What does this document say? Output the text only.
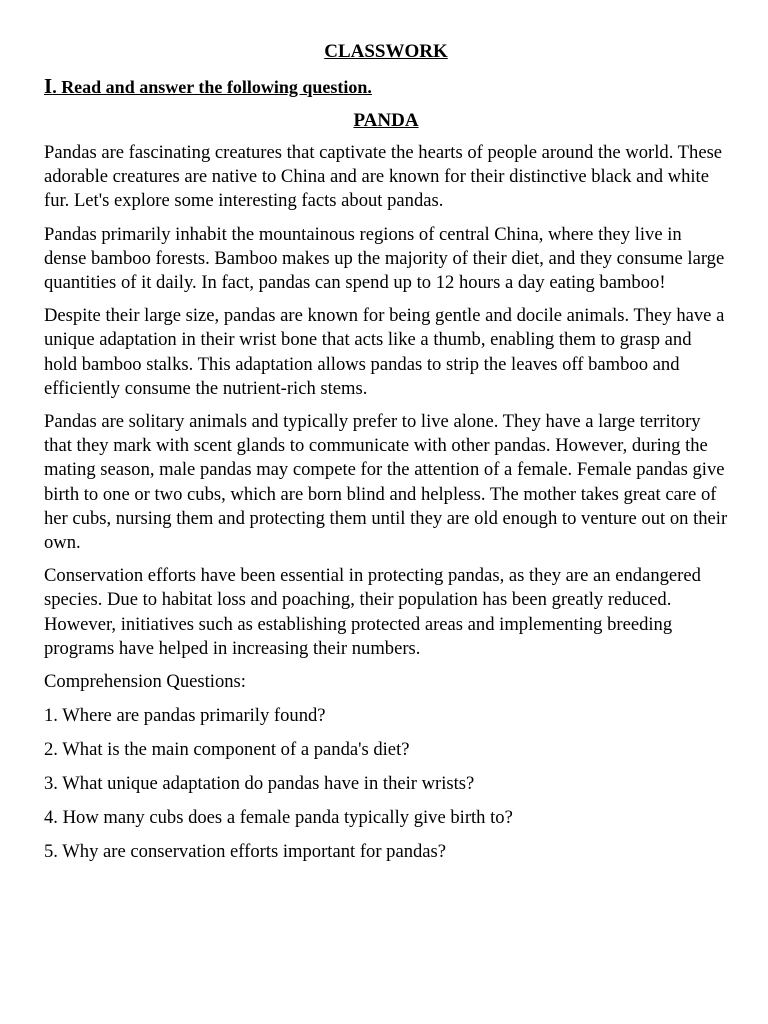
CLASSWORK
I. Read and answer the following question.
PANDA

Pandas are fascinating creatures that captivate the hearts of people around the world. These adorable creatures are native to China and are known for their distinctive black and white fur. Let's explore some interesting facts about pandas.

Pandas primarily inhabit the mountainous regions of central China, where they live in dense bamboo forests. Bamboo makes up the majority of their diet, and they consume large quantities of it daily. In fact, pandas can spend up to 12 hours a day eating bamboo!

Despite their large size, pandas are known for being gentle and docile animals. They have a unique adaptation in their wrist bone that acts like a thumb, enabling them to grasp and hold bamboo stalks. This adaptation allows pandas to strip the leaves off bamboo and efficiently consume the nutrient-rich stems.

Pandas are solitary animals and typically prefer to live alone. They have a large territory that they mark with scent glands to communicate with other pandas. However, during the mating season, male pandas may compete for the attention of a female. Female pandas give birth to one or two cubs, which are born blind and helpless. The mother takes great care of her cubs, nursing them and protecting them until they are old enough to venture out on their own.

Conservation efforts have been essential in protecting pandas, as they are an endangered species. Due to habitat loss and poaching, their population has been greatly reduced. However, initiatives such as establishing protected areas and implementing breeding programs have helped in increasing their numbers.

Comprehension Questions:
1. Where are pandas primarily found?
2. What is the main component of a panda's diet?
3. What unique adaptation do pandas have in their wrists?
4. How many cubs does a female panda typically give birth to?
5. Why are conservation efforts important for pandas?
